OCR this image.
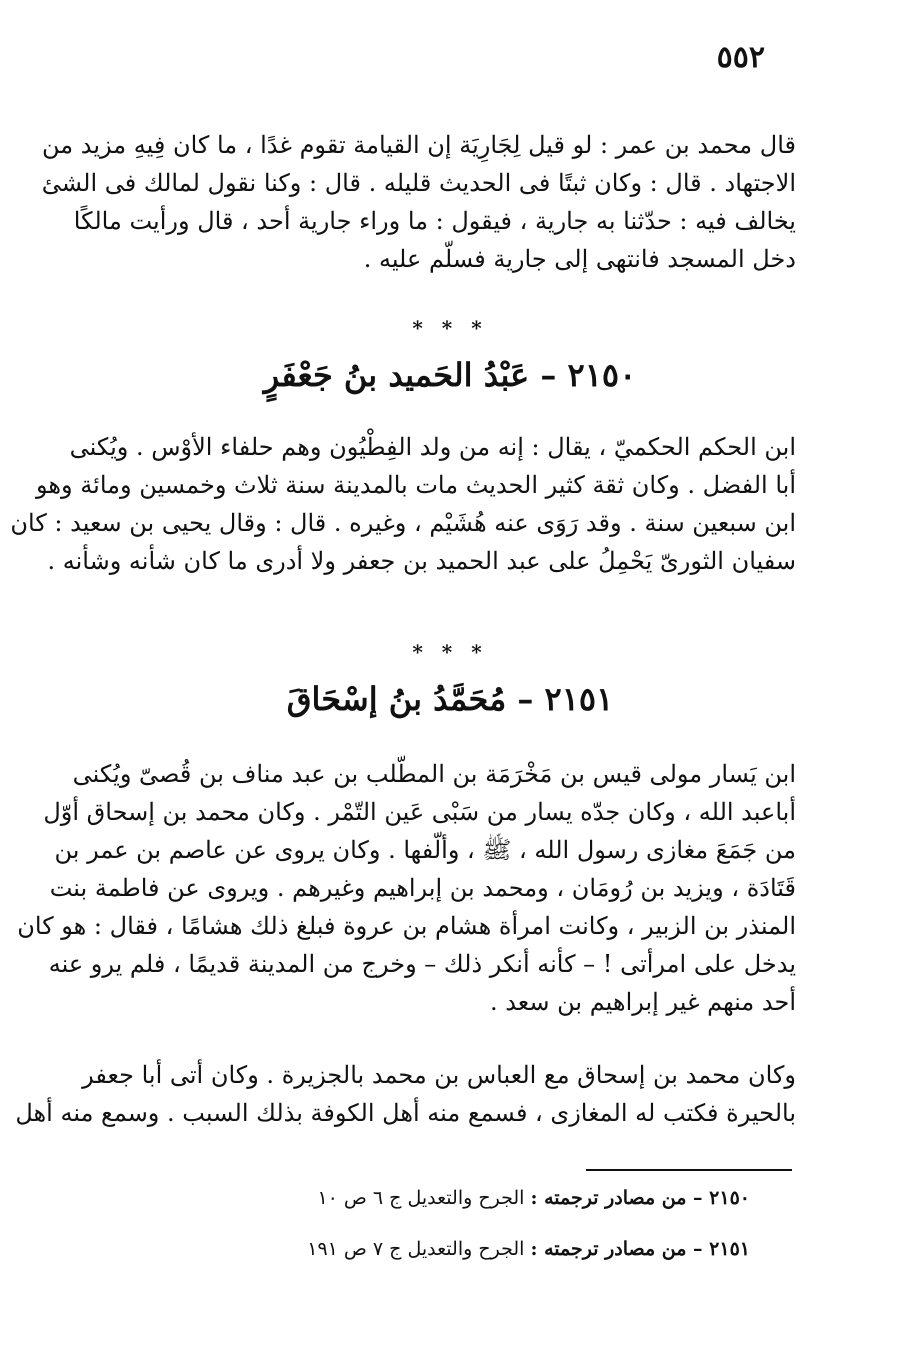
٥٥٢
قال محمد بن عمر : لو قيل لِجَارِيَة إن القيامة تقوم غدًا ، ما كان فِيهِ مزيد من
الاجتهاد . قال : وكان ثبتًا فى الحديث قليله . قال : وكنا نقول لمالك فى الشئ
يخالف فيه : حدّثنا به جارية ، فيقول : ما وراء جارية أحد ، قال ورأيت مالكًا
دخل المسجد فانتهى إلى جارية فسلّم عليه .
* * *
٢١٥٠ – عَبْدُ الحَميد بنُ جَعْفَرٍ
ابن الحكم الحكميّ ، يقال : إنه من ولد الفِطْيُون وهم حلفاء الأوْس . ويُكنى
أبا الفضل . وكان ثقة كثير الحديث مات بالمدينة سنة ثلاث وخمسين ومائة وهو
ابن سبعين سنة . وقد رَوَى عنه هُشَيْم ، وغيره . قال : وقال يحيى بن سعيد : كان
سفيان الثورىّ يَحْمِلُ على عبد الحميد بن جعفر ولا أدرى ما كان شأنه وشأنه .
* * *
٢١٥١ – مُحَمَّدُ بنُ إسْحَاقَ
ابن يَسار مولى قيس بن مَخْرَمَة بن المطّلب بن عبد مناف بن قُصىّ ويُكنى
أباعبد الله ، وكان جدّه يسار من سَبْى عَين التّمْر . وكان محمد بن إسحاق أوّل
من جَمَعَ مغازى رسول الله ، ﷺ ، وألّفها . وكان يروى عن عاصم بن عمر بن
قَتَادَة ، ويزيد بن رُومَان ، ومحمد بن إبراهيم وغيرهم . ويروى عن فاطمة بنت
المنذر بن الزبير ، وكانت امرأة هشام بن عروة فبلغ ذلك هشامًا ، فقال : هو كان
يدخل على امرأتى ! – كأنه أنكر ذلك – وخرج من المدينة قديمًا ، فلم يرو عنه
أحد منهم غير إبراهيم بن سعد .
وكان محمد بن إسحاق مع العباس بن محمد بالجزيرة . وكان أتى أبا جعفر
بالحيرة فكتب له المغازى ، فسمع منه أهل الكوفة بذلك السبب . وسمع منه أهل
٢١٥٠ – من مصادر ترجمته : الجرح والتعديل ج ٦ ص ١٠
٢١٥١ – من مصادر ترجمته : الجرح والتعديل ج ٧ ص ١٩١
